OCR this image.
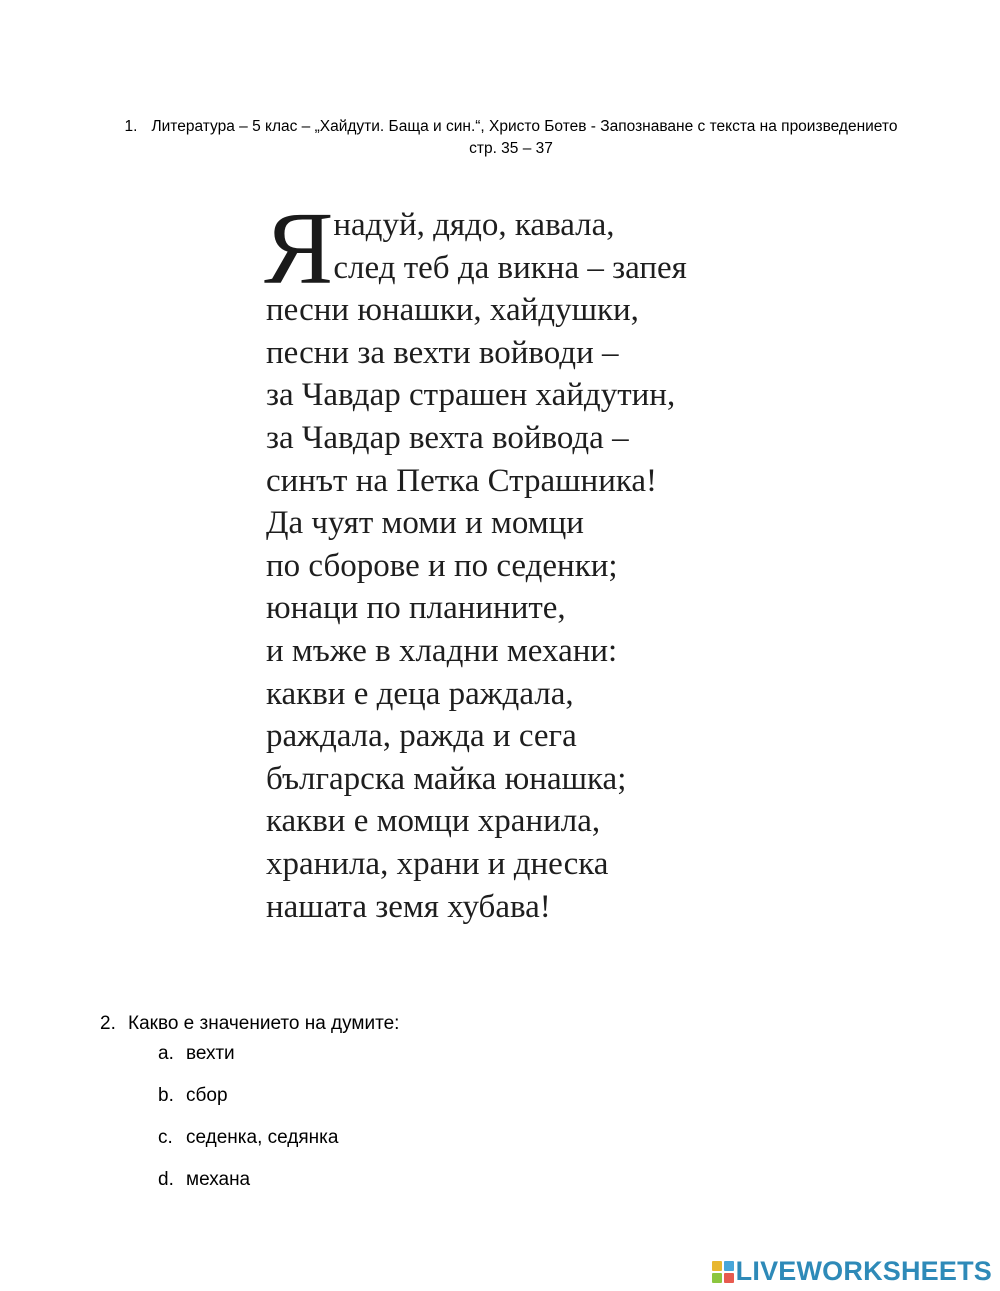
1. Литература – 5 клас – „Хайдути. Баща и син.“, Христо Ботев - Запознаване с текста на произведението
стр. 35 – 37
Я надуй, дядо, кавала,
след теб да викна – запея
песни юнашки, хайдушки,
песни за вехти войводи –
за Чавдар страшен хайдутин,
за Чавдар вехта войвода –
синът на Петка Страшника!
Да чуят моми и момци
по сборове и по седенки;
юнаци по планините,
и мъже в хладни механи:
какви е деца раждала,
раждала, ражда и сега
българска майка юнашка;
какви е момци хранила,
хранила, храни и днеска
нашата земя хубава!
2. Какво е значението на думите:
a. вехти
b. сбор
c. седенка, седянка
d. механа
LIVEWORKSHEETS
